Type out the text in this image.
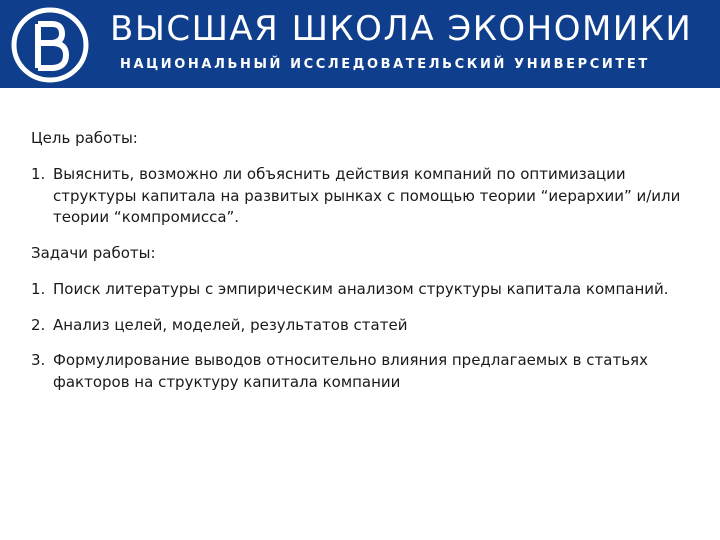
ВЫСШАЯ ШКОЛА ЭКОНОМИКИ
НАЦИОНАЛЬНЫЙ ИССЛЕДОВАТЕЛЬСКИЙ УНИВЕРСИТЕТ
Цель работы:
1. Выяснить, возможно ли объяснить действия компаний по оптимизации структуры капитала на развитых рынках с помощью теории “иерархии” и/или теории “компромисса”.
Задачи работы:
1. Поиск литературы с эмпирическим анализом структуры капитала компаний.
2. Анализ целей, моделей, результатов статей
3. Формулирование выводов относительно влияния предлагаемых в статьях факторов на структуру капитала компании
